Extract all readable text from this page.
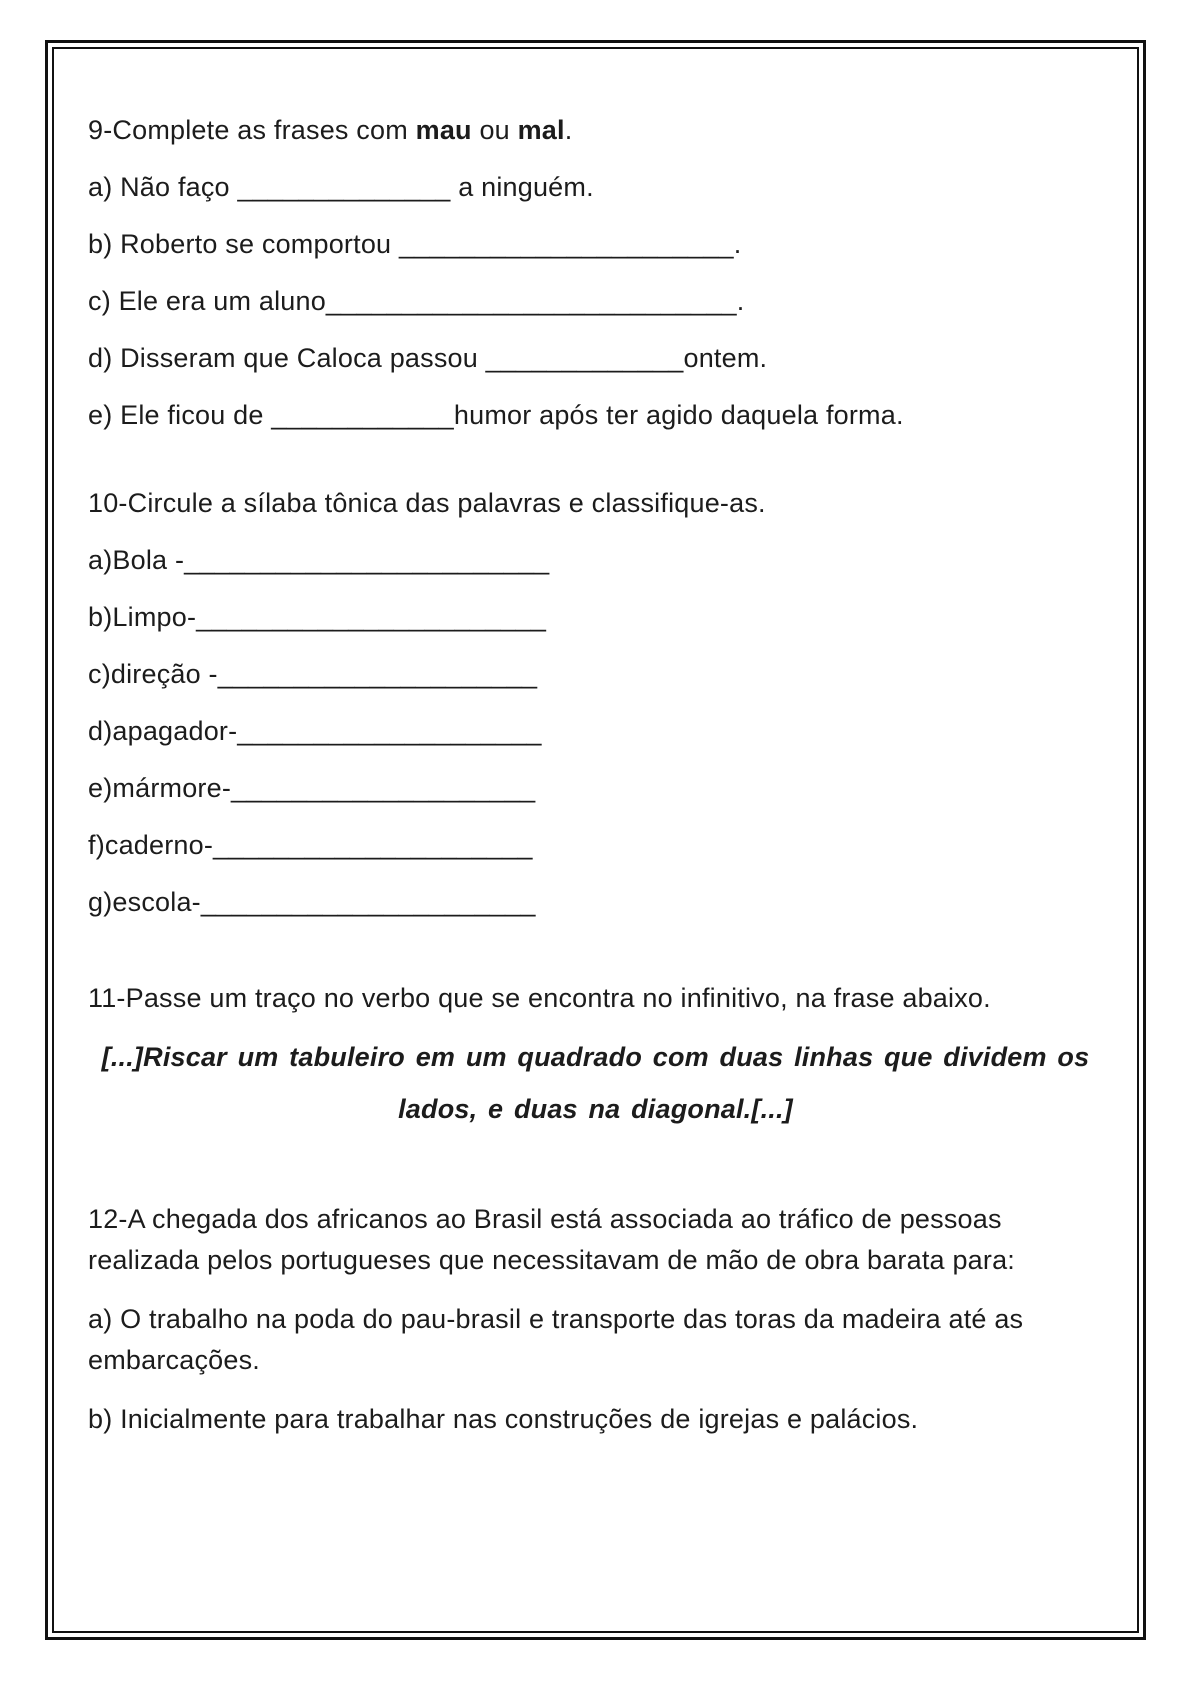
9-Complete as frases com mau ou mal.

a) Não faço ______________ a ninguém.

b) Roberto se comportou ______________________.

c) Ele era um aluno___________________________.

d) Disseram que Caloca passou _____________ontem.

e) Ele ficou de ____________humor após ter agido daquela forma.

10-Circule a sílaba tônica das palavras e classifique-as.

a)Bola -________________________

b)Limpo-_______________________

c)direção -_____________________

d)apagador-____________________

e)mármore-____________________

f)caderno-_____________________

g)escola-______________________

11-Passe um traço no verbo que se encontra no infinitivo, na frase abaixo.

[...]Riscar um tabuleiro em um quadrado com duas linhas que dividem os

lados, e duas na diagonal.[...]

12-A chegada dos africanos ao Brasil está associada ao tráfico de pessoas realizada pelos portugueses que necessitavam de mão de obra barata para:

a) O trabalho na poda do pau-brasil e transporte das toras da madeira até as embarcações.

b) Inicialmente para trabalhar nas construções de igrejas e palácios.
